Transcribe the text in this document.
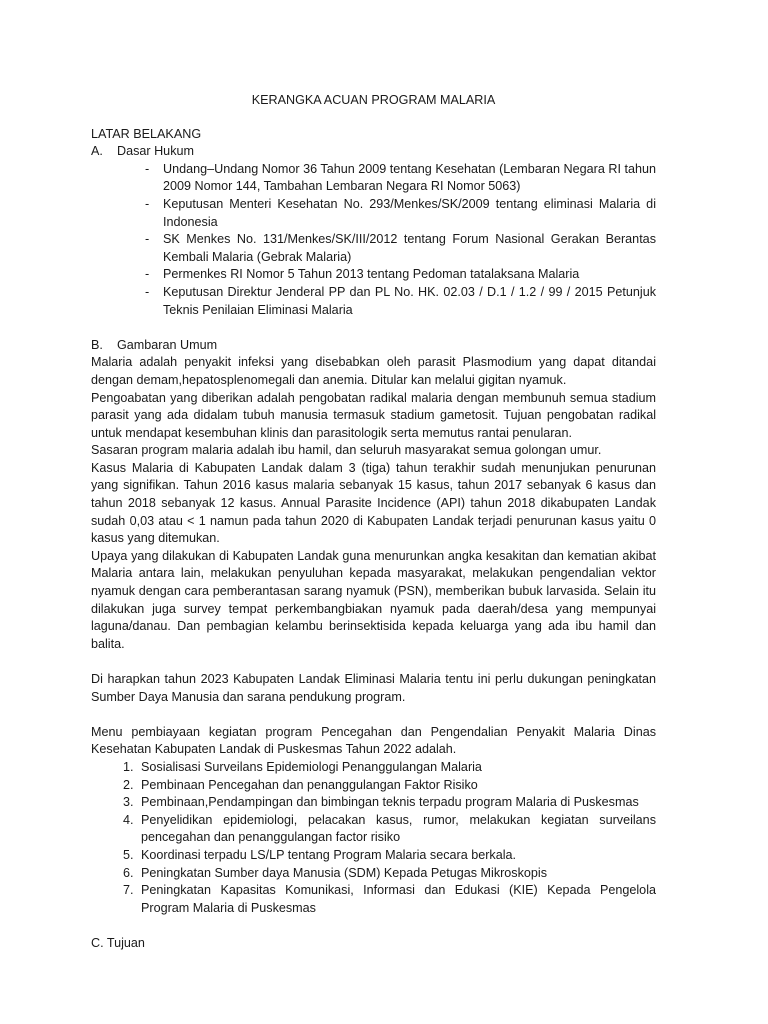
KERANGKA ACUAN PROGRAM MALARIA
LATAR BELAKANG
A.	Dasar Hukum
- Undang–Undang Nomor 36 Tahun 2009 tentang Kesehatan (Lembaran Negara RI tahun 2009 Nomor 144, Tambahan Lembaran Negara RI Nomor 5063)
- Keputusan Menteri Kesehatan No. 293/Menkes/SK/2009 tentang eliminasi Malaria di Indonesia
- SK Menkes No. 131/Menkes/SK/III/2012 tentang Forum Nasional Gerakan Berantas Kembali Malaria (Gebrak Malaria)
- Permenkes RI Nomor 5 Tahun 2013 tentang Pedoman tatalaksana Malaria
- Keputusan Direktur Jenderal PP dan PL No. HK. 02.03 / D.1 / 1.2 / 99 / 2015 Petunjuk Teknis Penilaian Eliminasi Malaria
B.	Gambaran Umum

Malaria adalah penyakit infeksi yang disebabkan oleh parasit Plasmodium yang dapat ditandai dengan demam,hepatosplenomegali dan anemia. Ditular kan melalui gigitan nyamuk.

Pengoabatan yang diberikan adalah pengobatan radikal malaria dengan membunuh semua stadium parasit yang ada didalam tubuh manusia termasuk stadium gametosit. Tujuan pengobatan radikal untuk mendapat kesembuhan klinis dan parasitologik serta memutus rantai penularan.

Sasaran program malaria adalah ibu hamil, dan seluruh masyarakat semua golongan umur.

Kasus Malaria di Kabupaten Landak dalam 3 (tiga) tahun terakhir sudah menunjukan penurunan yang signifikan. Tahun 2016 kasus malaria sebanyak 15 kasus, tahun 2017 sebanyak 6 kasus dan tahun 2018 sebanyak 12 kasus. Annual Parasite Incidence (API) tahun 2018 dikabupaten Landak sudah 0,03 atau < 1 namun pada tahun 2020 di Kabupaten Landak terjadi penurunan kasus yaitu 0 kasus yang ditemukan.

Upaya yang dilakukan di Kabupaten Landak guna menurunkan angka kesakitan dan kematian akibat Malaria antara lain, melakukan penyuluhan kepada masyarakat, melakukan pengendalian vektor nyamuk dengan cara pemberantasan sarang nyamuk (PSN), memberikan bubuk larvasida. Selain itu dilakukan juga survey tempat perkembangbiakan nyamuk pada daerah/desa yang mempunyai laguna/danau. Dan pembagian kelambu berinsektisida kepada keluarga yang ada ibu hamil dan balita.

Di harapkan tahun 2023 Kabupaten Landak Eliminasi Malaria tentu ini perlu dukungan peningkatan Sumber Daya Manusia dan sarana pendukung program.

Menu pembiayaan kegiatan program Pencegahan dan Pengendalian Penyakit Malaria Dinas Kesehatan Kabupaten Landak di Puskesmas Tahun 2022 adalah.

1. Sosialisasi Surveilans Epidemiologi Penanggulangan Malaria
2. Pembinaan Pencegahan dan penanggulangan Faktor Risiko
3. Pembinaan,Pendampingan dan bimbingan teknis terpadu program Malaria di Puskesmas
4. Penyelidikan epidemiologi, pelacakan kasus, rumor, melakukan kegiatan surveilans pencegahan dan penanggulangan factor risiko
5. Koordinasi terpadu LS/LP tentang Program Malaria secara berkala.
6. Peningkatan Sumber daya Manusia (SDM) Kepada Petugas Mikroskopis
7. Peningkatan Kapasitas Komunikasi, Informasi dan Edukasi (KIE) Kepada Pengelola Program Malaria di Puskesmas
C. Tujuan
